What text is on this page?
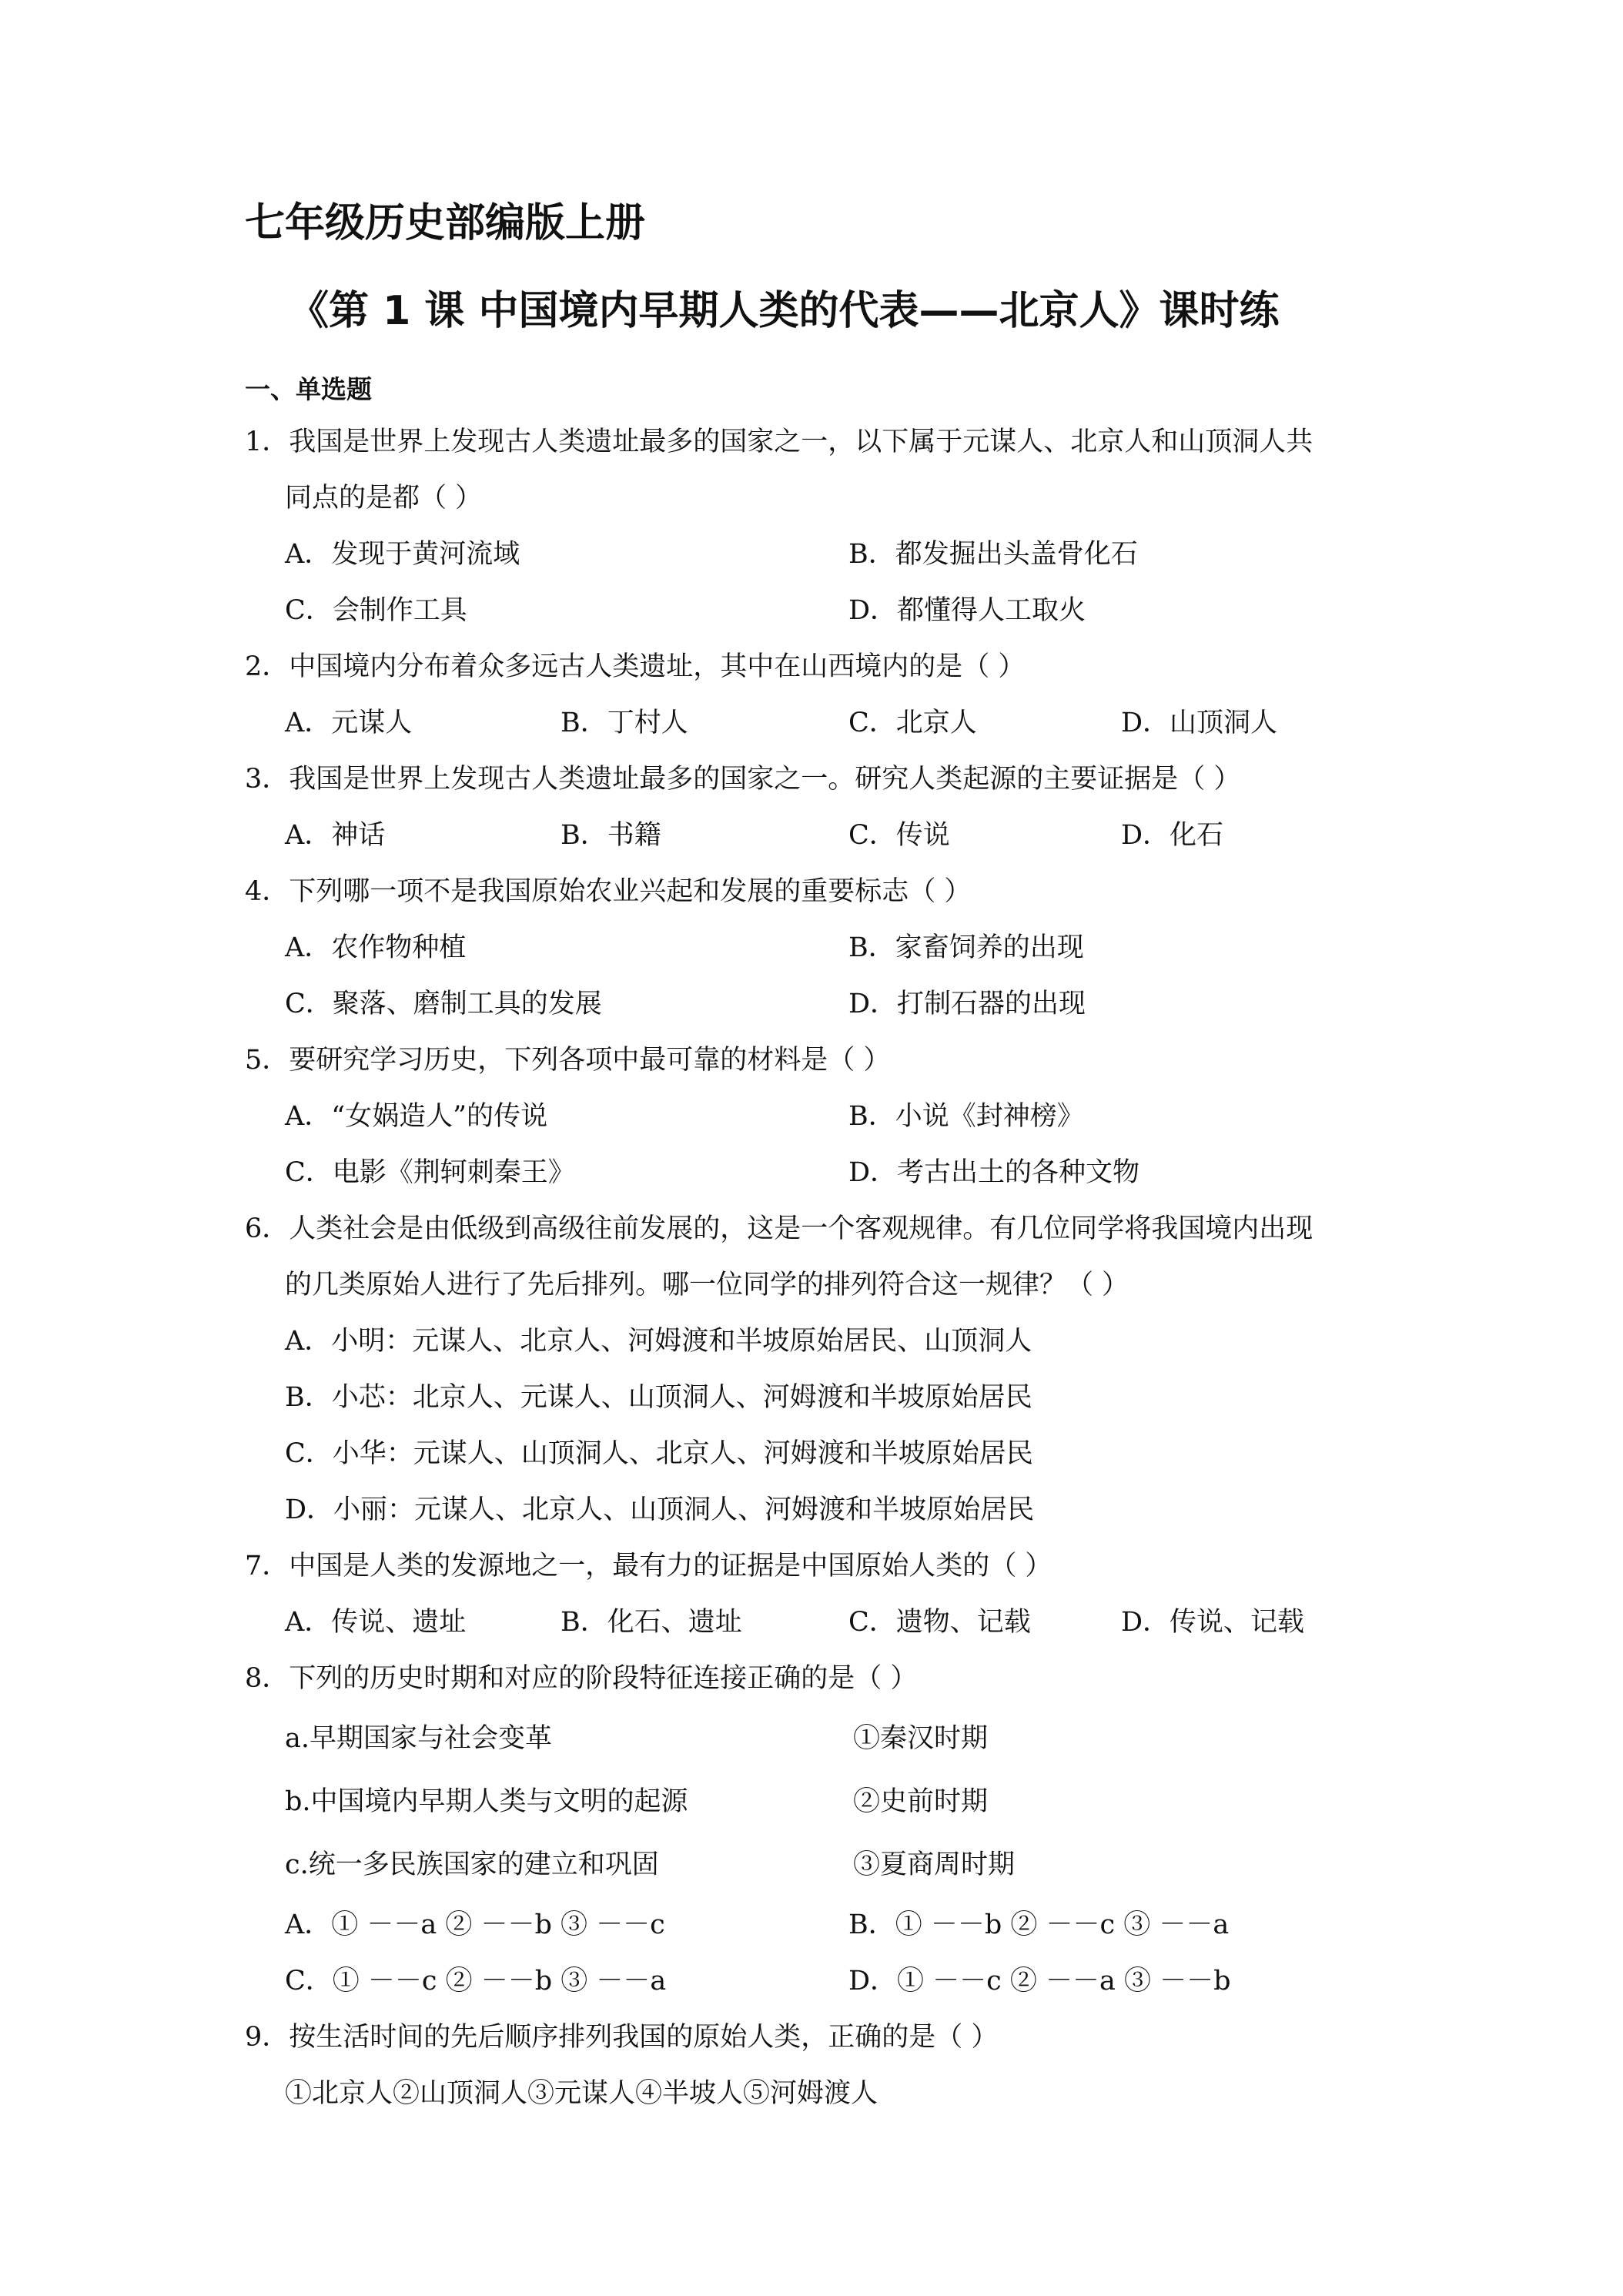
七年级历史部编版上册
《第 1 课 中国境内早期人类的代表——北京人》课时练
一、单选题
1．我国是世界上发现古人类遗址最多的国家之一，以下属于元谋人、北京人和山顶洞人共
同点的是都（ ）
A．发现于黄河流域	B．都发掘出头盖骨化石
C．会制作工具	D．都懂得人工取火
2．中国境内分布着众多远古人类遗址，其中在山西境内的是（ ）
A．元谋人	B．丁村人	C．北京人	D．山顶洞人
3．我国是世界上发现古人类遗址最多的国家之一。研究人类起源的主要证据是（ ）
A．神话	B．书籍	C．传说	D．化石
4．下列哪一项不是我国原始农业兴起和发展的重要标志（ ）
A．农作物种植	B．家畜饲养的出现
C．聚落、磨制工具的发展	D．打制石器的出现
5．要研究学习历史，下列各项中最可靠的材料是（ ）
A．“女娲造人”的传说	B．小说《封神榜》
C．电影《荆轲刺秦王》	D．考古出土的各种文物
6．人类社会是由低级到高级往前发展的，这是一个客观规律。有几位同学将我国境内出现
的几类原始人进行了先后排列。哪一位同学的排列符合这一规律？（ ）
A．小明：元谋人、北京人、河姆渡和半坡原始居民、山顶洞人
B．小芯：北京人、元谋人、山顶洞人、河姆渡和半坡原始居民
C．小华：元谋人、山顶洞人、北京人、河姆渡和半坡原始居民
D．小丽：元谋人、北京人、山顶洞人、河姆渡和半坡原始居民
7．中国是人类的发源地之一，最有力的证据是中国原始人类的（ ）
A．传说、遗址	B．化石、遗址	C．遗物、记载	D．传说、记载
8．下列的历史时期和对应的阶段特征连接正确的是（ ）
a.早期国家与社会变革	①秦汉时期
b.中国境内早期人类与文明的起源	②史前时期
c.统一多民族国家的建立和巩固	③夏商周时期
A．① －－a ② －－b ③ －－c	B．① －－b ② －－c ③ －－a
C．① －－c ② －－b ③ －－a	D．① －－c ② －－a ③ －－b
9．按生活时间的先后顺序排列我国的原始人类，正确的是（ ）
①北京人②山顶洞人③元谋人④半坡人⑤河姆渡人
